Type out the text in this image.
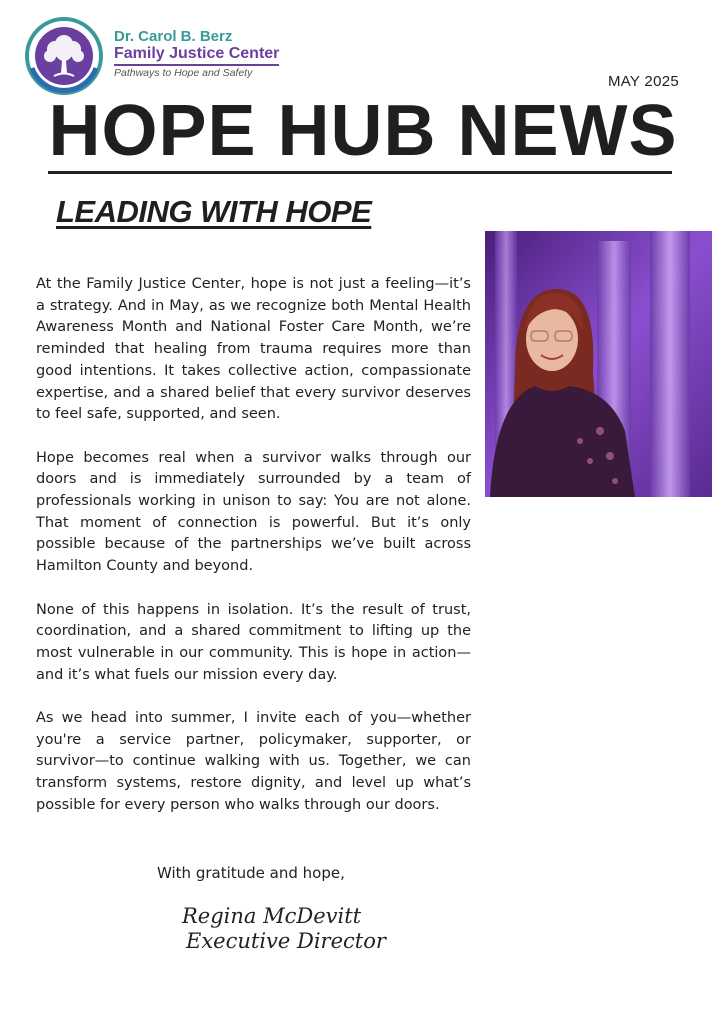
Dr. Carol B. Berz
Family Justice Center
Pathways to Hope and Safety	MAY 2025
HOPE HUB NEWS
LEADING WITH HOPE

At the Family Justice Center, hope is not just a feeling—it’s a strategy. And in May, as we recognize both Mental Health Awareness Month and National Foster Care Month, we’re reminded that healing from trauma requires more than good intentions. It takes collective action, compassionate expertise, and a shared belief that every survivor deserves to feel safe, supported, and seen.

Hope becomes real when a survivor walks through our doors and is immediately surrounded by a team of professionals working in unison to say: You are not alone. That moment of connection is powerful. But it’s only possible because of the partnerships we’ve built across Hamilton County and beyond.

None of this happens in isolation. It’s the result of trust, coordination, and a shared commitment to lifting up the most vulnerable in our community. This is hope in action—and it’s what fuels our mission every day.

As we head into summer, I invite each of you—whether you're a service partner, policymaker, supporter, or survivor—to continue walking with us. Together, we can transform systems, restore dignity, and level up what’s possible for every person who walks through our doors.

With gratitude and hope,
Regina McDevitt
Executive Director
